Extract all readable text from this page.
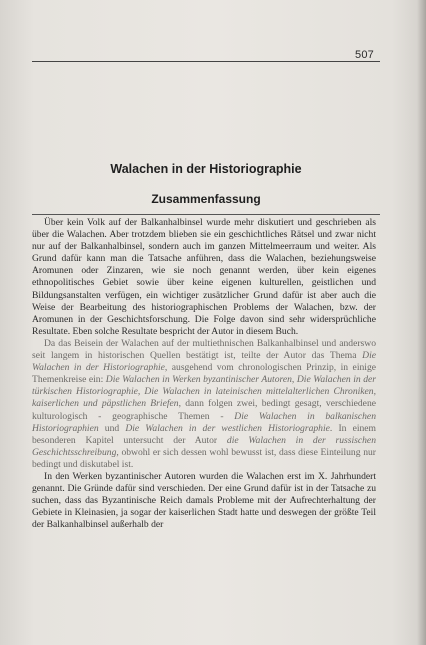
507
Walachen in der Historiographie
Zusammenfassung

Über kein Volk auf der Balkanhalbinsel wurde mehr diskutiert und geschrieben als über die Walachen. Aber trotzdem blieben sie ein geschichtliches Rätsel und zwar nicht nur auf der Balkanhalbinsel, sondern auch im ganzen Mittelmeerraum und weiter. Als Grund dafür kann man die Tatsache anführen, dass die Walachen, beziehungsweise Aromunen oder Zinzaren, wie sie noch genannt werden, über kein eigenes ethnopolitisches Gebiet sowie über keine eigenen kulturellen, geistlichen und Bildungsanstalten verfügen, ein wichtiger zusätzlicher Grund dafür ist aber auch die Weise der Bearbeitung des historiographischen Problems der Walachen, bzw. der Aromunen in der Geschichtsforschung. Die Folge davon sind sehr widersprüchliche Resultate. Eben solche Resultate bespricht der Autor in diesem Buch.

Da das Beisein der Walachen auf der multiethnischen Balkanhalbinsel und anderswo seit langem in historischen Quellen bestätigt ist, teilte der Autor das Thema Die Walachen in der Historiographie, ausgehend vom chronologischen Prinzip, in einige Themenkreise ein: Die Walachen in Werken byzantinischer Autoren, Die Walachen in der türkischen Historiographie, Die Walachen in lateinischen mittelalterlichen Chroniken, kaiserlichen und päpstlichen Briefen, dann folgen zwei, bedingt gesagt, verschiedene kulturologisch - geographische Themen - Die Walachen in balkanischen Historiographien und Die Walachen in der westlichen Historiographie. In einem besonderen Kapitel untersucht der Autor die Walachen in der russischen Geschichtsschreibung, obwohl er sich dessen wohl bewusst ist, dass diese Einteilung nur bedingt und diskutabel ist.

In den Werken byzantinischer Autoren wurden die Walachen erst im X. Jahrhundert genannt. Die Gründe dafür sind verschieden. Der eine Grund dafür ist in der Tatsache zu suchen, dass das Byzantinische Reich damals Probleme mit der Aufrechterhaltung der Gebiete in Kleinasien, ja sogar der kaiserlichen Stadt hatte und deswegen der größte Teil der Balkanhalbinsel außerhalb der
